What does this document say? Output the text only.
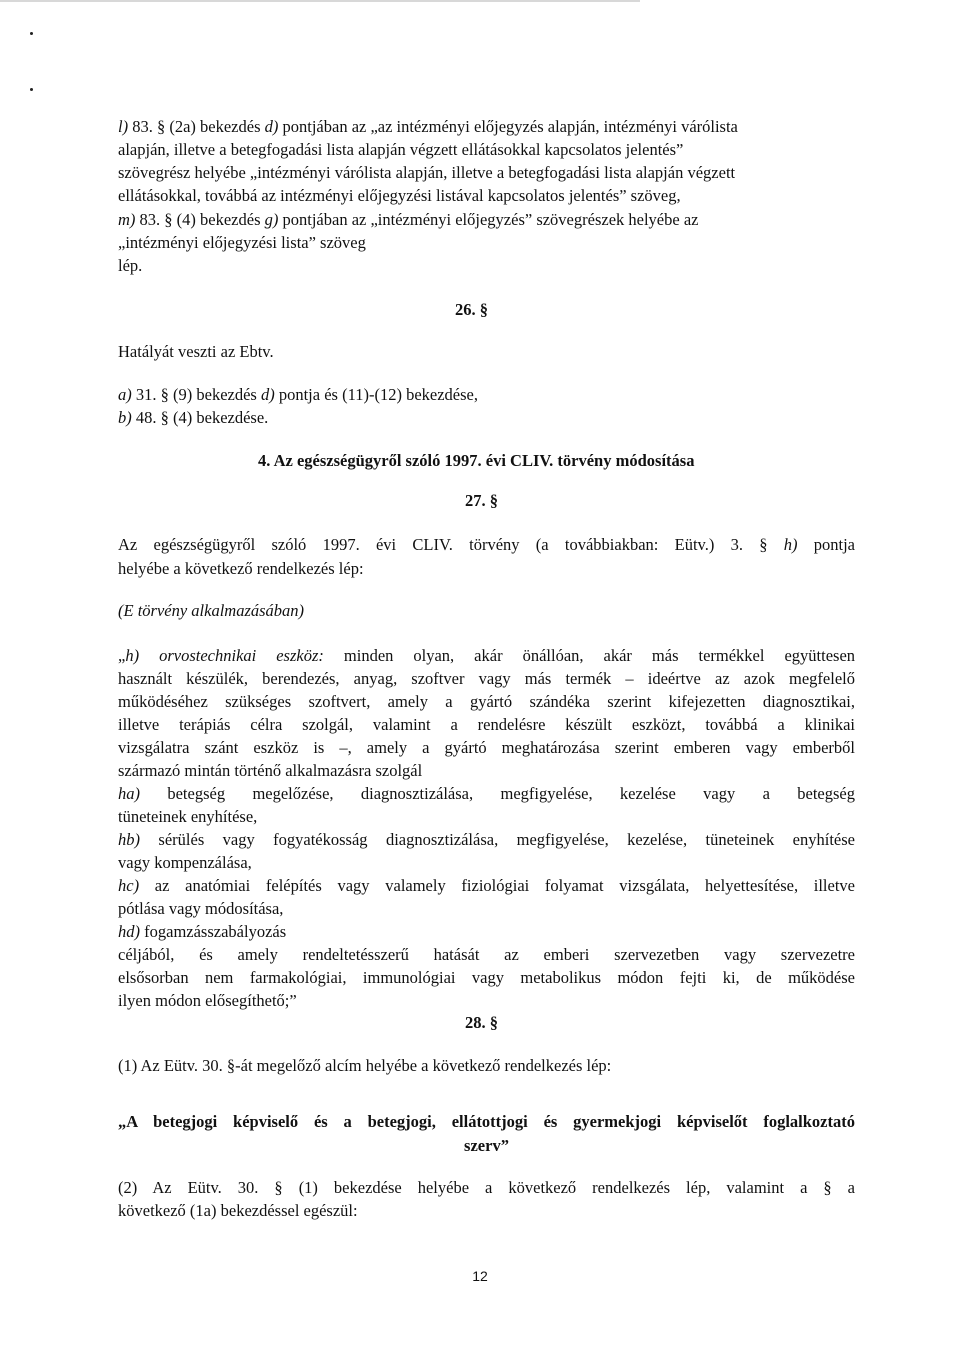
l) 83. § (2a) bekezdés d) pontjában az „az intézményi előjegyzés alapján, intézményi várólista

alapján, illetve a betegfogadási lista alapján végzett ellátásokkal kapcsolatos jelentés”

szövegrész helyébe „intézményi várólista alapján, illetve a betegfogadási lista alapján végzett

ellátásokkal, továbbá az intézményi előjegyzési listával kapcsolatos jelentés” szöveg,

m) 83. § (4) bekezdés g) pontjában az „intézményi előjegyzés” szövegrészek helyébe az

„intézményi előjegyzési lista” szöveg

lép.

26. §

Hatályát veszti az Ebtv.

a) 31. § (9) bekezdés d) pontja és (11)-(12) bekezdése,

b) 48. § (4) bekezdése.

4. Az egészségügyről szóló 1997. évi CLIV. törvény módosítása

27. §

Az egészségügyről szóló 1997. évi CLIV. törvény (a továbbiakban: Eütv.) 3. § h) pontja

helyébe a következő rendelkezés lép:

(E törvény alkalmazásában)

„h) orvostechnikai eszköz: minden olyan, akár önállóan, akár más termékkel együttesen

használt készülék, berendezés, anyag, szoftver vagy más termék – ideértve az azok megfelelő

működéséhez szükséges szoftvert, amely a gyártó szándéka szerint kifejezetten diagnosztikai,

illetve terápiás célra szolgál, valamint a rendelésre készült eszközt, továbbá a klinikai

vizsgálatra szánt eszköz is –, amely a gyártó meghatározása szerint emberen vagy emberből

származó mintán történő alkalmazásra szolgál

ha) betegség megelőzése, diagnosztizálása, megfigyelése, kezelése vagy a betegség

tüneteinek enyhítése,

hb) sérülés vagy fogyatékosság diagnosztizálása, megfigyelése, kezelése, tüneteinek enyhítése

vagy kompenzálása,

hc) az anatómiai felépítés vagy valamely fiziológiai folyamat vizsgálata, helyettesítése, illetve

pótlása vagy módosítása,

hd) fogamzásszabályozás

céljából, és amely rendeltetésszerű hatását az emberi szervezetben vagy szervezetre

elsősorban nem farmakológiai, immunológiai vagy metabolikus módon fejti ki, de működése

ilyen módon elősegíthető;”

28. §

(1) Az Eütv. 30. §-át megelőző alcím helyébe a következő rendelkezés lép:

„A betegjogi képviselő és a betegjogi, ellátottjogi és gyermekjogi képviselőt foglalkoztató

szerv”

(2) Az Eütv. 30. § (1) bekezdése helyébe a következő rendelkezés lép, valamint a § a

következő (1a) bekezdéssel egészül:

12
